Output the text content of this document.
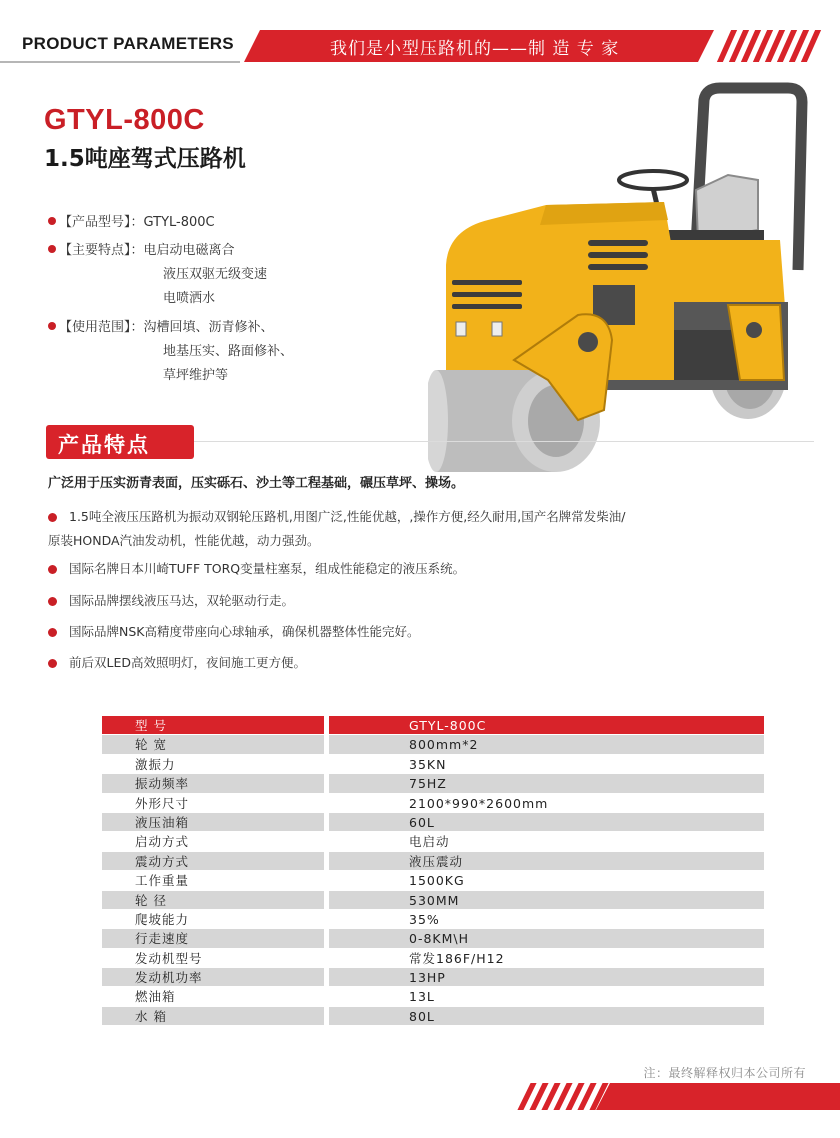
PRODUCT PARAMETERS	我们是小型压路机的——制 造 专 家
GTYL-800C
1.5吨座驾式压路机
【产品型号】：GTYL-800C
【主要特点】：电启动电磁离合
液压双驱无级变速
电喷洒水
【使用范围】：沟槽回填、沥青修补、
地基压实、路面修补、
草坪维护等
产品特点
广泛用于压实沥青表面，压实砾石、沙土等工程基础，碾压草坪、操场。
1.5吨全液压压路机为振动双钢轮压路机,用图广泛,性能优越，,操作方便,经久耐用,国产名牌常发柴油/
原装HONDA汽油发动机，性能优越，动力强劲。
国际名牌日本川崎TUFF TORQ变量柱塞泵，组成性能稳定的液压系统。
国际品牌摆线液压马达，双轮驱动行走。
国际品牌NSK高精度带座向心球轴承，确保机器整体性能完好。
前后双LED高效照明灯，夜间施工更方便。
型 号	GTYL-800C
轮 宽	800mm*2
激振力	35KN
振动频率	75HZ
外形尺寸	2100*990*2600mm
液压油箱	60L
启动方式	电启动
震动方式	液压震动
工作重量	1500KG
轮 径	530MM
爬坡能力	35%
行走速度	0-8KM\H
发动机型号	常发186F/H12
发动机功率	13HP
燃油箱	13L
水 箱	80L
注：最终解释权归本公司所有
